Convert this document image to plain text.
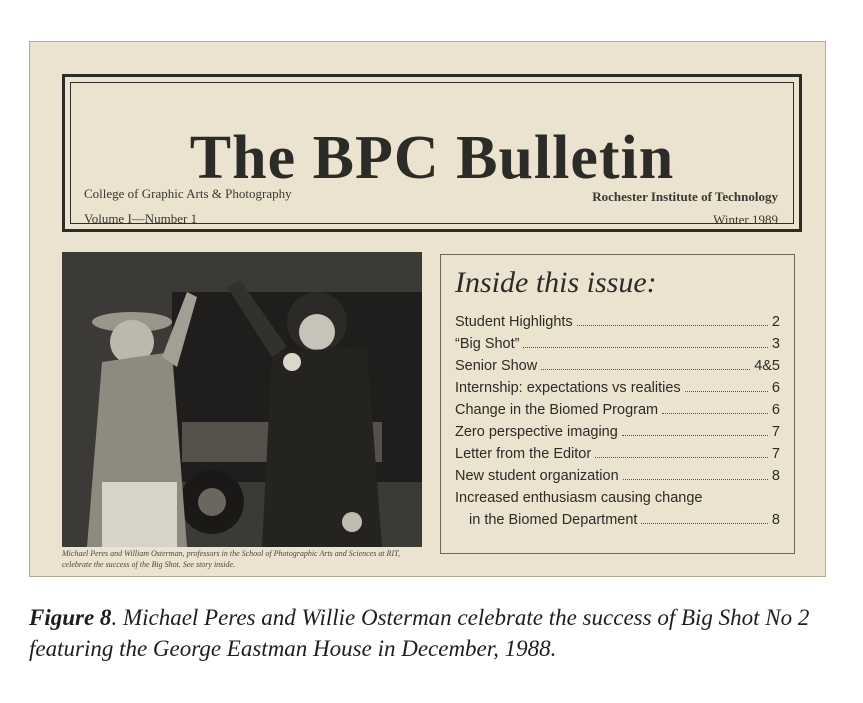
The BPC Bulletin
College of Graphic Arts & Photography
Volume I—Number 1
Rochester Institute of Technology
Winter 1989
Michael Peres and William Osterman, professors in the School of Photographic Arts and Sciences at RIT, celebrate the success of the Big Shot. See story inside.
Inside this issue:
Student Highlights	2
“Big Shot”	3
Senior Show	4&5
Internship: expectations vs realities	6
Change in the Biomed Program	6
Zero perspective imaging	7
Letter from the Editor	7
New student organization	8
Increased enthusiasm causing change
in the Biomed Department	8
Figure 8. Michael Peres and Willie Osterman celebrate the success of Big Shot No 2 featuring the George Eastman House in December, 1988.
